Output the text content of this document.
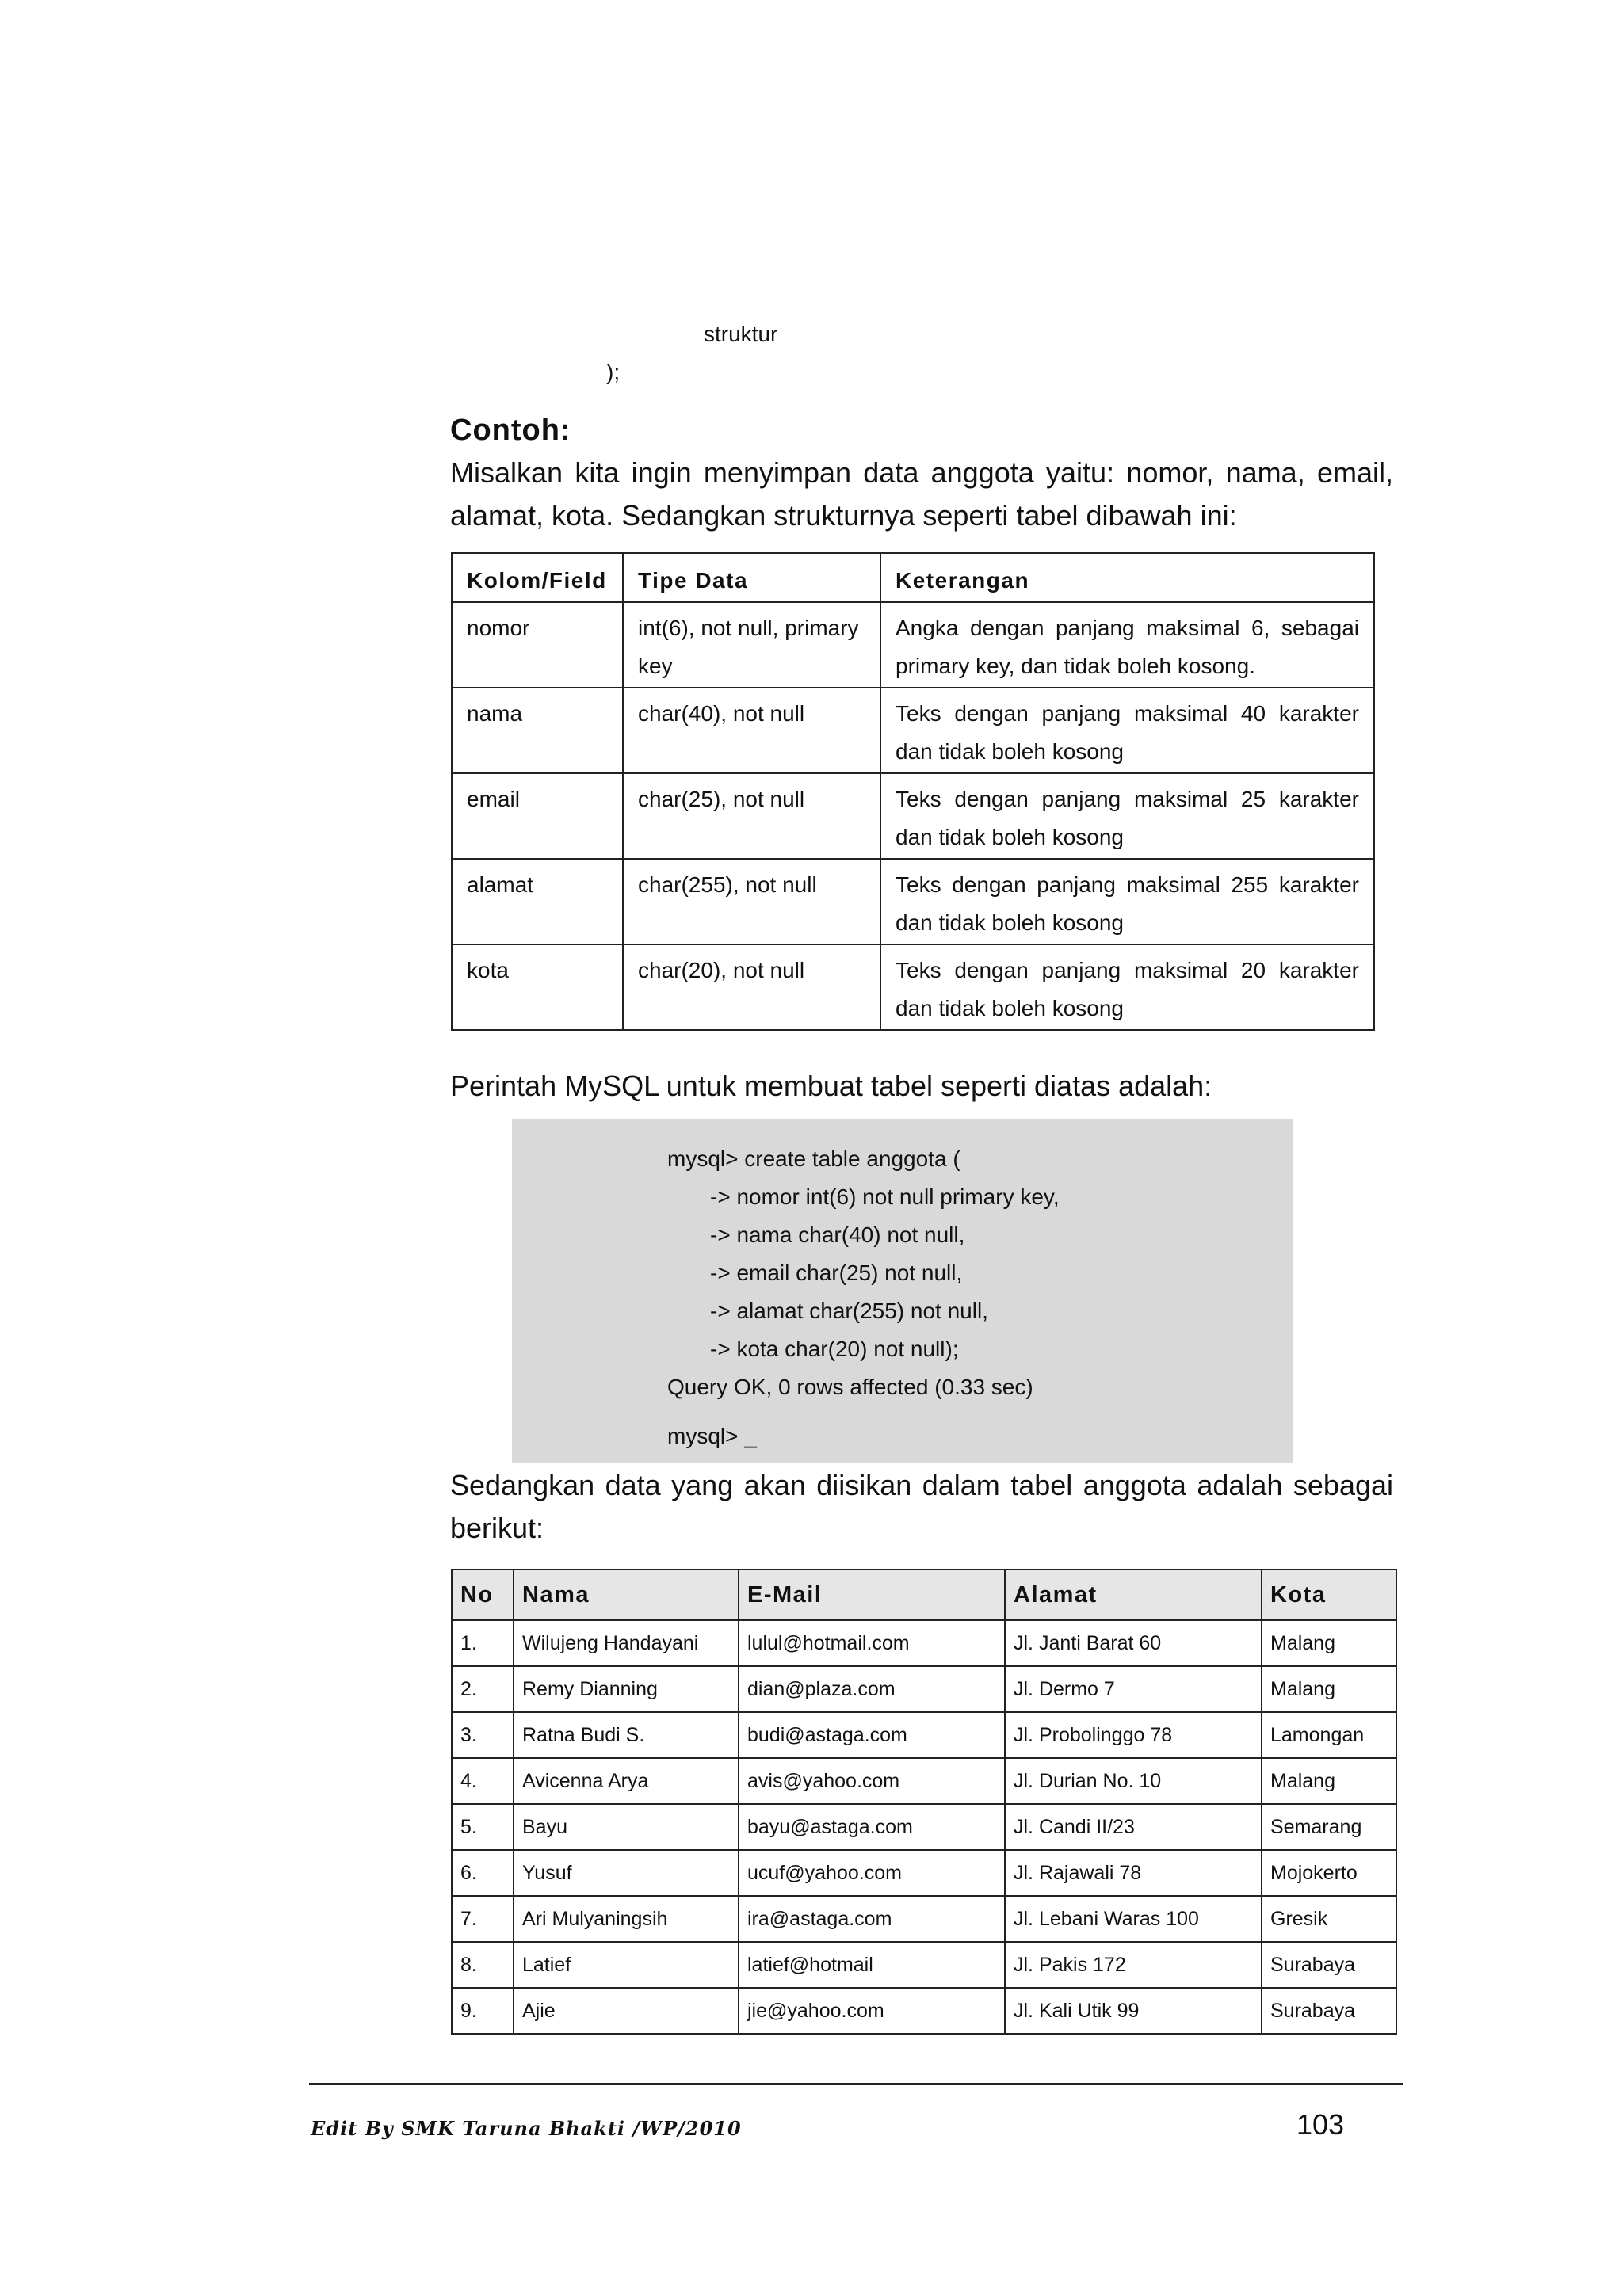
struktur
);
Contoh:
Misalkan kita ingin menyimpan data anggota yaitu: nomor, nama, email, alamat, kota. Sedangkan strukturnya seperti tabel dibawah ini:
Kolom/Field	Tipe Data	Keterangan
nomor	int(6), not null, primary key	Angka dengan panjang maksimal 6, sebagai primary key, dan tidak boleh kosong.
nama	char(40), not null	Teks dengan panjang maksimal 40 karakter dan tidak boleh kosong
email	char(25), not null	Teks dengan panjang maksimal 25 karakter dan tidak boleh kosong
alamat	char(255), not null	Teks dengan panjang maksimal 255 karakter dan tidak boleh kosong
kota	char(20), not null	Teks dengan panjang maksimal 20 karakter dan tidak boleh kosong
Perintah MySQL untuk membuat tabel seperti diatas adalah:
mysql> create table anggota (
-> nomor int(6) not null primary key,
-> nama char(40) not null,
-> email char(25) not null,
-> alamat char(255) not null,
-> kota char(20) not null);
Query OK, 0 rows affected (0.33 sec)
mysql> _
Sedangkan data yang akan diisikan dalam tabel anggota adalah sebagai berikut:
No	Nama	E-Mail	Alamat	Kota
1.	Wilujeng Handayani	lulul@hotmail.com	Jl. Janti Barat 60	Malang
2.	Remy Dianning	dian@plaza.com	Jl. Dermo 7	Malang
3.	Ratna Budi S.	budi@astaga.com	Jl. Probolinggo 78	Lamongan
4.	Avicenna Arya	avis@yahoo.com	Jl. Durian No. 10	Malang
5.	Bayu	bayu@astaga.com	Jl. Candi II/23	Semarang
6.	Yusuf	ucuf@yahoo.com	Jl. Rajawali 78	Mojokerto
7.	Ari Mulyaningsih	ira@astaga.com	Jl. Lebani Waras 100	Gresik
8.	Latief	latief@hotmail	Jl. Pakis 172	Surabaya
9.	Ajie	jie@yahoo.com	Jl. Kali Utik 99	Surabaya
Edit By SMK Taruna Bhakti /WP/2010	103
